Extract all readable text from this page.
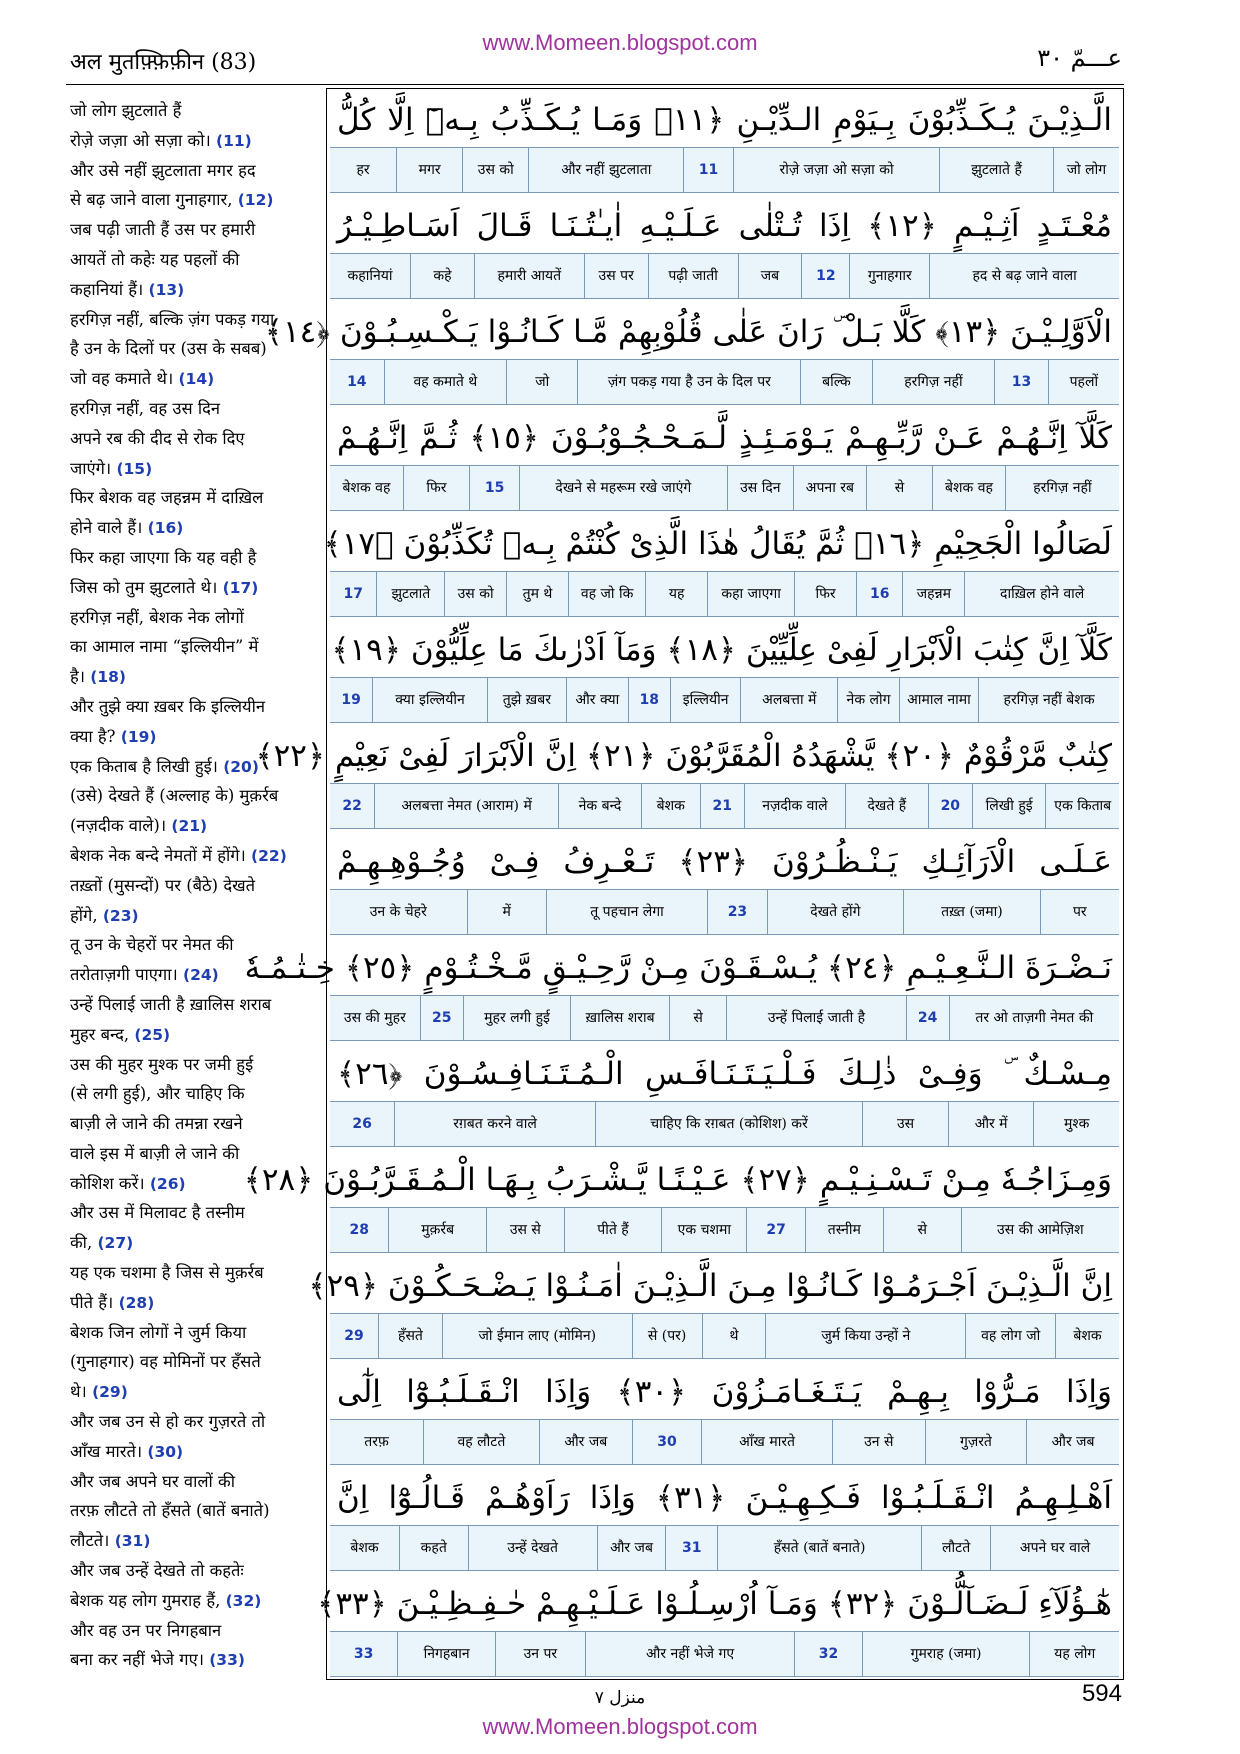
अल मुतफ़्फ़िफ़ीन (83)
www.Momeen.blogspot.com
عـــمّ ٣٠
जो लोग झुटलाते हैं
रोज़े जज़ा ओ सज़ा को। (11)
और उसे नहीं झुटलाता मगर हद
से बढ़ जाने वाला गुनाहगार, (12)
जब पढ़ी जाती हैं उस पर हमारी
आयतें तो कहेः यह पहलों की
कहानियां हैं। (13)
हरगिज़ नहीं, बल्कि ज़ंग पकड़ गया
है उन के दिलों पर (उस के सबब)
जो वह कमाते थे। (14)
हरगिज़ नहीं, वह उस दिन
अपने रब की दीद से रोक दिए
जाएंगे। (15)
फिर बेशक वह जहन्नम में दाख़िल
होने वाले हैं। (16)
फिर कहा जाएगा कि यह वही है
जिस को तुम झुटलाते थे। (17)
हरगिज़ नहीं, बेशक नेक लोगों
का आमाल नामा “इल्लियीन” में
है। (18)
और तुझे क्या ख़बर कि इल्लियीन
क्या है? (19)
एक किताब है लिखी हुई। (20)
(उसे) देखते हैं (अल्लाह के) मुक़र्रब
(नज़दीक वाले)। (21)
बेशक नेक बन्दे नेमतों में होंगे। (22)
तख़्तों (मुसन्दों) पर (बैठे) देखते
होंगे, (23)
तू उन के चेहरों पर नेमत की
तरोताज़गी पाएगा। (24)
उन्हें पिलाई जाती है ख़ालिस शराब
मुहर बन्द, (25)
उस की मुहर मुश्क पर जमी हुई
(से लगी हुई), और चाहिए कि
बाज़ी ले जाने की तमन्ना रखने
वाले इस में बाज़ी ले जाने की
कोशिश करें। (26)
और उस में मिलावट है तस्नीम
की, (27)
यह एक चशमा है जिस से मुक़र्रब
पीते हैं। (28)
बेशक जिन लोगों ने जुर्म किया
(गुनाहगार) वह मोमिनों पर हँसते
थे। (29)
और जब उन से हो कर गुज़रते तो
आँख मारते। (30)
और जब अपने घर वालों की
तरफ़ लौटते तो हँसते (बातें बनाते)
लौटते। (31)
और जब उन्हें देखते तो कहतेः
बेशक यह लोग गुमराह हैं, (32)
और वह उन पर निगहबान
बना कर नहीं भेजे गए। (33)
الَّـذِيْـنَ يُـكَـذِّبُوْنَ بِـيَوْمِ الـدِّيْـنِ ﴿١١﴾ وَمَـا يُـكَـذِّبُ بِـهٖٓ اِلَّا كُلُّ
जो लोग
झुटलाते हैं
रोज़े जज़ा ओ सज़ा को
11
और नहीं झुटलाता
उस को
मगर
हर
مُعْـتَـدٍ اَثِـيْـمٍ ﴿١٢﴾ اِذَا تُـتْلٰى عَـلَـيْـهِ اٰيـٰتُـنَـا قَـالَ اَسَـاطِـيْـرُ
हद से बढ़ जाने वाला
गुनाहगार
12
जब
पढ़ी जाती
उस पर
हमारी आयतें
कहे
कहानियां
الْاَوَّلِـيْـنَ ﴿١٣﴾ كَلَّا بَـلْ ۜ رَانَ عَلٰى قُلُوْبِهِمْ مَّـا كَـانُـوْا يَـكْـسِـبُـوْنَ ﴿١٤﴾
पहलों
13
हरगिज़ नहीं
बल्कि
ज़ंग पकड़ गया है उन के दिल पर
जो
वह कमाते थे
14
كَلَّآ اِنَّـهُـمْ عَـنْ رَّبِّـهِـمْ يَـوْمَـئِـذٍ لَّـمَـحْـجُـوْبُـوْنَ ﴿١٥﴾ ثُـمَّ اِنَّـهُـمْ
हरगिज़ नहीं
बेशक वह
से
अपना रब
उस दिन
देखने से महरूम रखे जाएंगे
15
फिर
बेशक वह
لَصَالُوا الْجَحِيْمِ ﴿١٦﴾ ثُمَّ يُقَالُ هٰذَا الَّذِىْ كُنْتُمْ بِـهٖ تُكَذِّبُوْنَ ﴿١٧﴾
दाख़िल होने वाले
जहन्नम
16
फिर
कहा जाएगा
यह
वह जो कि
तुम थे
उस को
झुटलाते
17
كَلَّآ اِنَّ كِتٰبَ الْاَبْرَارِ لَفِىْ عِلِّيِّيْنَ ﴿١٨﴾ وَمَآ اَدْرٰىكَ مَا عِلِّيُّوْنَ ﴿١٩﴾
हरगिज़ नहीं बेशक
आमाल नामा
नेक लोग
अलबत्ता में
इल्लियीन
18
और क्या
तुझे ख़बर
क्या इल्लियीन
19
كِتٰبٌ مَّرْقُوْمٌ ﴿٢٠﴾ يَّشْهَدُهُ الْمُقَرَّبُوْنَ ﴿٢١﴾ اِنَّ الْاَبْرَارَ لَفِىْ نَعِيْمٍ ﴿٢٢﴾
एक किताब
लिखी हुई
20
देखते हैं
नज़दीक वाले
21
बेशक
नेक बन्दे
अलबत्ता नेमत (आराम) में
22
عَـلَـى الْاَرَآئِـكِ يَـنْـظُـرُوْنَ ﴿٢٣﴾ تَـعْـرِفُ فِـىْ وُجُـوْهِـهِـمْ
पर
तख़्त (जमा)
देखते होंगे
23
तू पहचान लेगा
में
उन के चेहरे
نَـضْـرَةَ الـنَّـعِـيْـمِ ﴿٢٤﴾ يُـسْـقَـوْنَ مِـنْ رَّحِـيْـقٍ مَّـخْـتُـوْمٍ ﴿٢٥﴾ خِـتٰـمُـهٗ
तर ओ ताज़गी नेमत की
24
उन्हें पिलाई जाती है
से
ख़ालिस शराब
मुहर लगी हुई
25
उस की मुहर
مِـسْـكٌ ۜ وَفِـىْ ذٰلِـكَ فَـلْـيَـتَـنَـافَـسِ الْـمُـتَـنَـافِـسُـوْنَ ﴿٢٦﴾
मुश्क
और में
उस
चाहिए कि रग़बत (कोशिश) करें
रग़बत करने वाले
26
وَمِـزَاجُـهٗ مِـنْ تَـسْـنِـيْـمٍ ﴿٢٧﴾ عَـيْـنًـا يَّـشْـرَبُ بِـهَـا الْـمُـقَـرَّبُـوْنَ ﴿٢٨﴾
उस की आमेज़िश
से
तस्नीम
27
एक चशमा
पीते हैं
उस से
मुक़र्रब
28
اِنَّ الَّـذِيْـنَ اَجْـرَمُـوْا كَـانُـوْا مِـنَ الَّـذِيْـنَ اٰمَـنُـوْا يَـضْـحَـكُـوْنَ ﴿٢٩﴾
बेशक
वह लोग जो
जुर्म किया उन्हों ने
थे
से (पर)
जो ईमान लाए (मोमिन)
हँसते
29
وَاِذَا مَـرُّوْا بِـهِـمْ يَـتَـغَـامَـزُوْنَ ﴿٣٠﴾ وَاِذَا انْـقَـلَـبُـوْٓا اِلٰٓى
और जब
गुज़रते
उन से
आँख मारते
30
और जब
वह लौटते
तरफ़
اَهْـلِـهِـمُ انْـقَـلَـبُـوْا فَـكِـهِـيْـنَ ﴿٣١﴾ وَاِذَا رَاَوْهُـمْ قَـالُـوْٓا اِنَّ
अपने घर वाले
लौटते
हँसते (बातें बनाते)
31
और जब
उन्हें देखते
कहते
बेशक
هٰٓـؤُلَآءِ لَـضَـآلُّـوْنَ ﴿٣٢﴾ وَمَـآ اُرْسِـلُـوْا عَـلَـيْـهِـمْ حٰـفِـظِـيْـنَ ﴿٣٣﴾
यह लोग
गुमराह (जमा)
32
और नहीं भेजे गए
उन पर
निगहबान
33
منزل ٧	594
www.Momeen.blogspot.com
